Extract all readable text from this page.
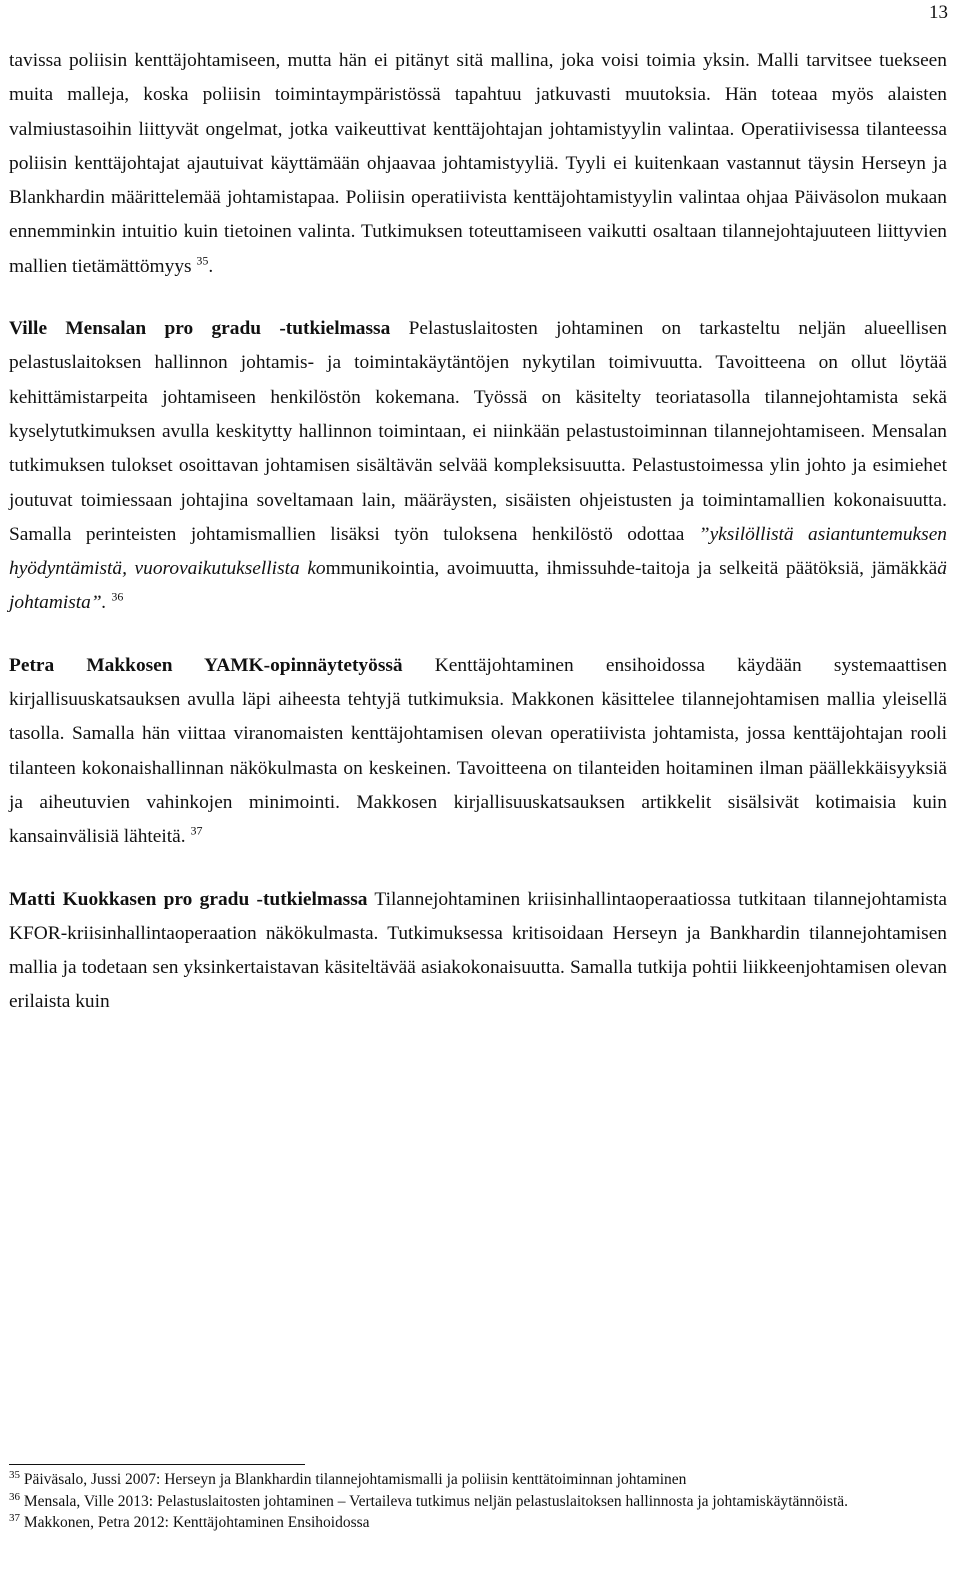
13

tavissa poliisin kenttäjohtamiseen, mutta hän ei pitänyt sitä mallina, joka voisi toimia yksin. Malli tarvitsee tuekseen muita malleja, koska poliisin toimintaympäristössä tapahtuu jatkuvasti muutoksia. Hän toteaa myös alaisten valmiustasoihin liittyvät ongelmat, jotka vaikeuttivat kenttäjohtajan johtamistyylin valintaa. Operatiivisessa tilanteessa poliisin kenttäjohtajat ajautuivat käyttämään ohjaavaa johtamistyyliä. Tyyli ei kuitenkaan vastannut täysin Herseyn ja Blankhardin määrittelemää johtamistapaa. Poliisin operatiivista kenttäjohtamistyylin valintaa ohjaa Päiväsolon mukaan ennemminkin intuitio kuin tietoinen valinta. Tutkimuksen toteuttamiseen vaikutti osaltaan tilannejohtajuuteen liittyvien mallien tietämättömyys $^{35}$.

Ville Mensalan pro gradu -tutkielmassa Pelastuslaitosten johtaminen on tarkasteltu neljän alueellisen pelastuslaitoksen hallinnon johtamis- ja toimintakäytäntöjen nykytilan toimivuutta. Tavoitteena on ollut löytää kehittämistarpeita johtamiseen henkilöstön kokemana. Työssä on käsitelty teoriatasolla tilannejohtamista sekä kyselytutkimuksen avulla keskitytty hallinnon toimintaan, ei niinkään pelastustoiminnan tilannejohtamiseen. Mensalan tutkimuksen tulokset osoittavan johtamisen sisältävän selvää kompleksisuutta. Pelastustoimessa ylin johto ja esimiehet joutuvat toimiessaan johtajina soveltamaan lain, määräysten, sisäisten ohjeistusten ja toimintamallien kokonaisuutta. Samalla perinteisten johtamismallien lisäksi työn tuloksena henkilöstö odottaa ”yksilöllistä asiantuntemuksen hyödyntämistä, vuorovaikutuksellista kommunikointia, avoimuutta, ihmissuhde-taitoja ja selkeitä päätöksiä, jämäkkää johtamista”. $^{36}$

Petra Makkosen YAMK-opinnäytetyössä Kenttäjohtaminen ensihoidossa käydään systemaattisen kirjallisuuskatsauksen avulla läpi aiheesta tehtyjä tutkimuksia. Makkonen käsittelee tilannejohtamisen mallia yleisellä tasolla. Samalla hän viittaa viranomaisten kenttäjohtamisen olevan operatiivista johtamista, jossa kenttäjohtajan rooli tilanteen kokonaishallinnan näkökulmasta on keskeinen. Tavoitteena on tilanteiden hoitaminen ilman päällekkäisyyksiä ja aiheutuvien vahinkojen minimointi. Makkosen kirjallisuuskatsauksen artikkelit sisälsivät kotimaisia kuin kansainvälisiä lähteitä. $^{37}$

Matti Kuokkasen pro gradu -tutkielmassa Tilannejohtaminen kriisinhallintaoperaatiossa tutkitaan tilannejohtamista KFOR-kriisinhallintaoperaation näkökulmasta. Tutkimuksessa kritisoidaan Herseyn ja Bankhardin tilannejohtamisen mallia ja todetaan sen yksinkertaistavan käsiteltävää asiakokonaisuutta. Samalla tutkija pohtii liikkeenjohtamisen olevan erilaista kuin

$^{35}$ Päiväsalo, Jussi 2007: Herseyn ja Blankhardin tilannejohtamismalli ja poliisin kenttätoiminnan johtaminen

$^{36}$ Mensala, Ville 2013: Pelastuslaitosten johtaminen – Vertaileva tutkimus neljän pelastuslaitoksen hallinnosta ja johtamiskäytännöistä.

$^{37}$ Makkonen, Petra 2012: Kenttäjohtaminen Ensihoidossa
